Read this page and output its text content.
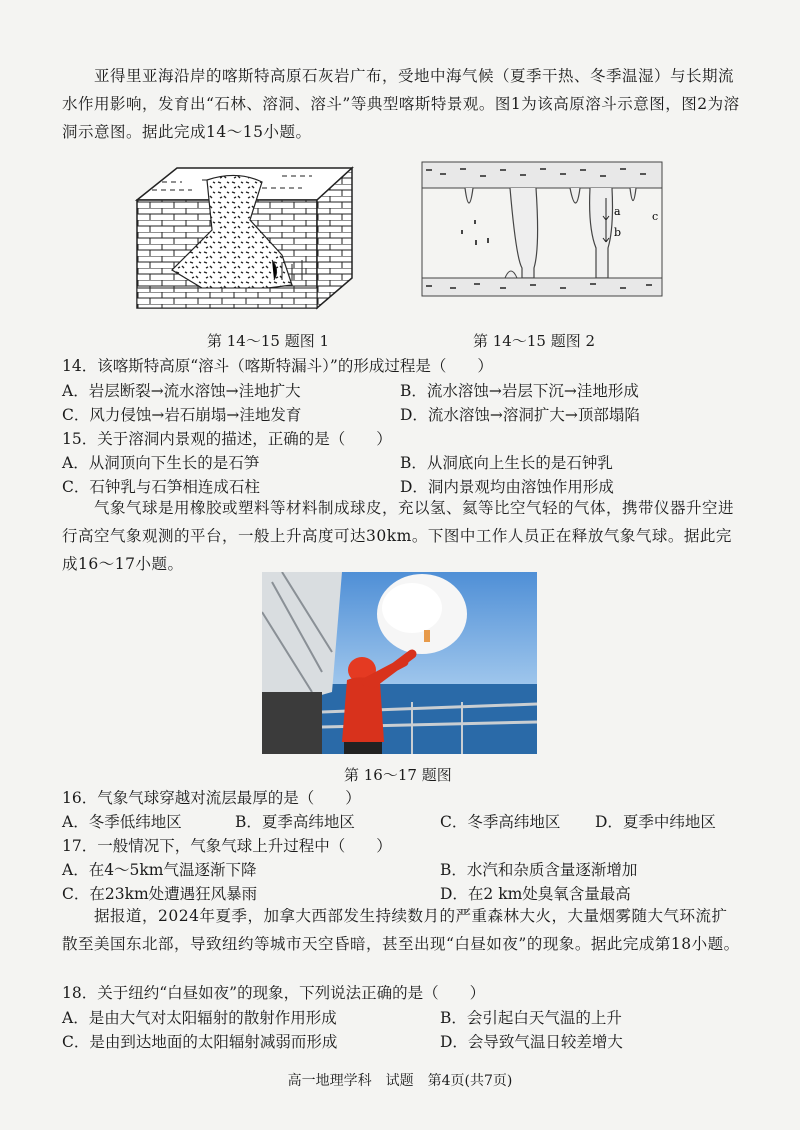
亚得里亚海沿岸的喀斯特高原石灰岩广布，受地中海气候（夏季干热、冬季温湿）与长期流水作用影响，发育出“石林、溶洞、溶斗”等典型喀斯特景观。图1为该高原溶斗示意图，图2为溶洞示意图。据此完成14～15小题。
a
b
c
第 14～15 题图 1	第 14～15 题图 2
14．该喀斯特高原“溶斗（喀斯特漏斗）”的形成过程是（　　）
A．岩层断裂→流水溶蚀→洼地扩大	B．流水溶蚀→岩层下沉→洼地形成
C．风力侵蚀→岩石崩塌→洼地发育	D．流水溶蚀→溶洞扩大→顶部塌陷
15．关于溶洞内景观的描述，正确的是（　　）
A．从洞顶向下生长的是石笋	B．从洞底向上生长的是石钟乳
C．石钟乳与石笋相连成石柱	D．洞内景观均由溶蚀作用形成
气象气球是用橡胶或塑料等材料制成球皮，充以氢、氦等比空气轻的气体，携带仪器升空进行高空气象观测的平台，一般上升高度可达30km。下图中工作人员正在释放气象气球。据此完成16～17小题。
第 16～17 题图
16．气象气球穿越对流层最厚的是（　　）
A．冬季低纬地区	B．夏季高纬地区	C．冬季高纬地区 D．夏季中纬地区
17．一般情况下，气象气球上升过程中（　　）
A．在4～5km气温逐渐下降	B．水汽和杂质含量逐渐增加
C．在23km处遭遇狂风暴雨	D．在2 km处臭氧含量最高
据报道，2024年夏季，加拿大西部发生持续数月的严重森林大火，大量烟雾随大气环流扩散至美国东北部，导致纽约等城市天空昏暗，甚至出现“白昼如夜”的现象。据此完成第18小题。
18．关于纽约“白昼如夜”的现象，下列说法正确的是（　　）
A．是由大气对太阳辐射的散射作用形成	B．会引起白天气温的上升
C．是由到达地面的太阳辐射减弱而形成	D．会导致气温日较差增大
高一地理学科　试题　第4页(共7页)
